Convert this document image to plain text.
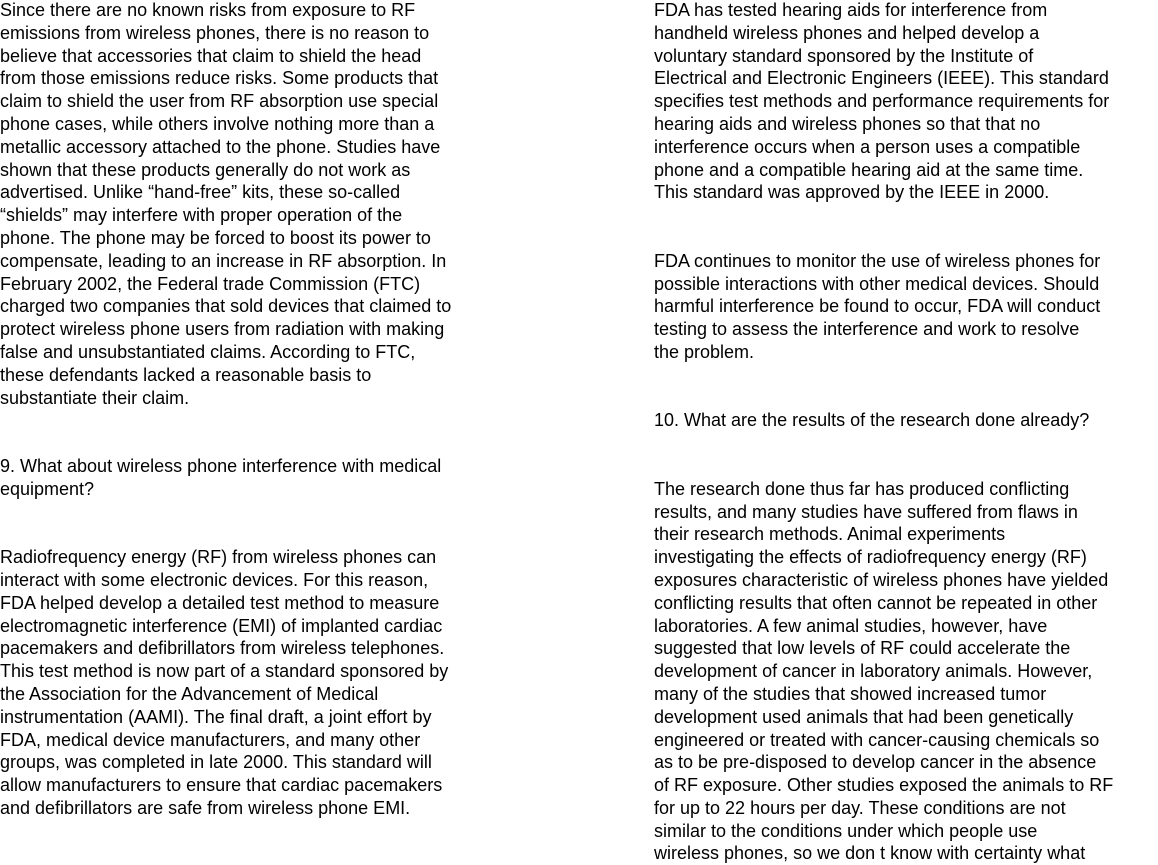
Since there are no known risks from exposure to RF
emissions from wireless phones, there is no reason to
believe that accessories that claim to shield the head
from those emissions reduce risks. Some products that
claim to shield the user from RF absorption use special
phone cases, while others involve nothing more than a
metallic accessory attached to the phone. Studies have
shown that these products generally do not work as
advertised. Unlike “hand-free” kits, these so-called
“shields” may interfere with proper operation of the
phone. The phone may be forced to boost its power to
compensate, leading to an increase in RF absorption. In
February 2002, the Federal trade Commission (FTC)
charged two companies that sold devices that claimed to
protect wireless phone users from radiation with making
false and unsubstantiated claims. According to FTC,
these defendants lacked a reasonable basis to
substantiate their claim.
9. What about wireless phone interference with medical
equipment?
Radiofrequency energy (RF) from wireless phones can
interact with some electronic devices. For this reason,
FDA helped develop a detailed test method to measure
electromagnetic interference (EMI) of implanted cardiac
pacemakers and defibrillators from wireless telephones.
This test method is now part of a standard sponsored by
the Association for the Advancement of Medical
instrumentation (AAMI). The final draft, a joint effort by
FDA, medical device manufacturers, and many other
groups, was completed in late 2000. This standard will
allow manufacturers to ensure that cardiac pacemakers
and defibrillators are safe from wireless phone EMI.
FDA has tested hearing aids for interference from
handheld wireless phones and helped develop a
voluntary standard sponsored by the Institute of
Electrical and Electronic Engineers (IEEE). This standard
specifies test methods and performance requirements for
hearing aids and wireless phones so that that no
interference occurs when a person uses a compatible
phone and a compatible hearing aid at the same time.
This standard was approved by the IEEE in 2000.
FDA continues to monitor the use of wireless phones for
possible interactions with other medical devices. Should
harmful interference be found to occur, FDA will conduct
testing to assess the interference and work to resolve
the problem.
10. What are the results of the research done already?
The research done thus far has produced conflicting
results, and many studies have suffered from flaws in
their research methods. Animal experiments
investigating the effects of radiofrequency energy (RF)
exposures characteristic of wireless phones have yielded
conflicting results that often cannot be repeated in other
laboratories. A few animal studies, however, have
suggested that low levels of RF could accelerate the
development of cancer in laboratory animals. However,
many of the studies that showed increased tumor
development used animals that had been genetically
engineered or treated with cancer-causing chemicals so
as to be pre-disposed to develop cancer in the absence
of RF exposure. Other studies exposed the animals to RF
for up to 22 hours per day. These conditions are not
similar to the conditions under which people use
wireless phones, so we don t know with certainty what
